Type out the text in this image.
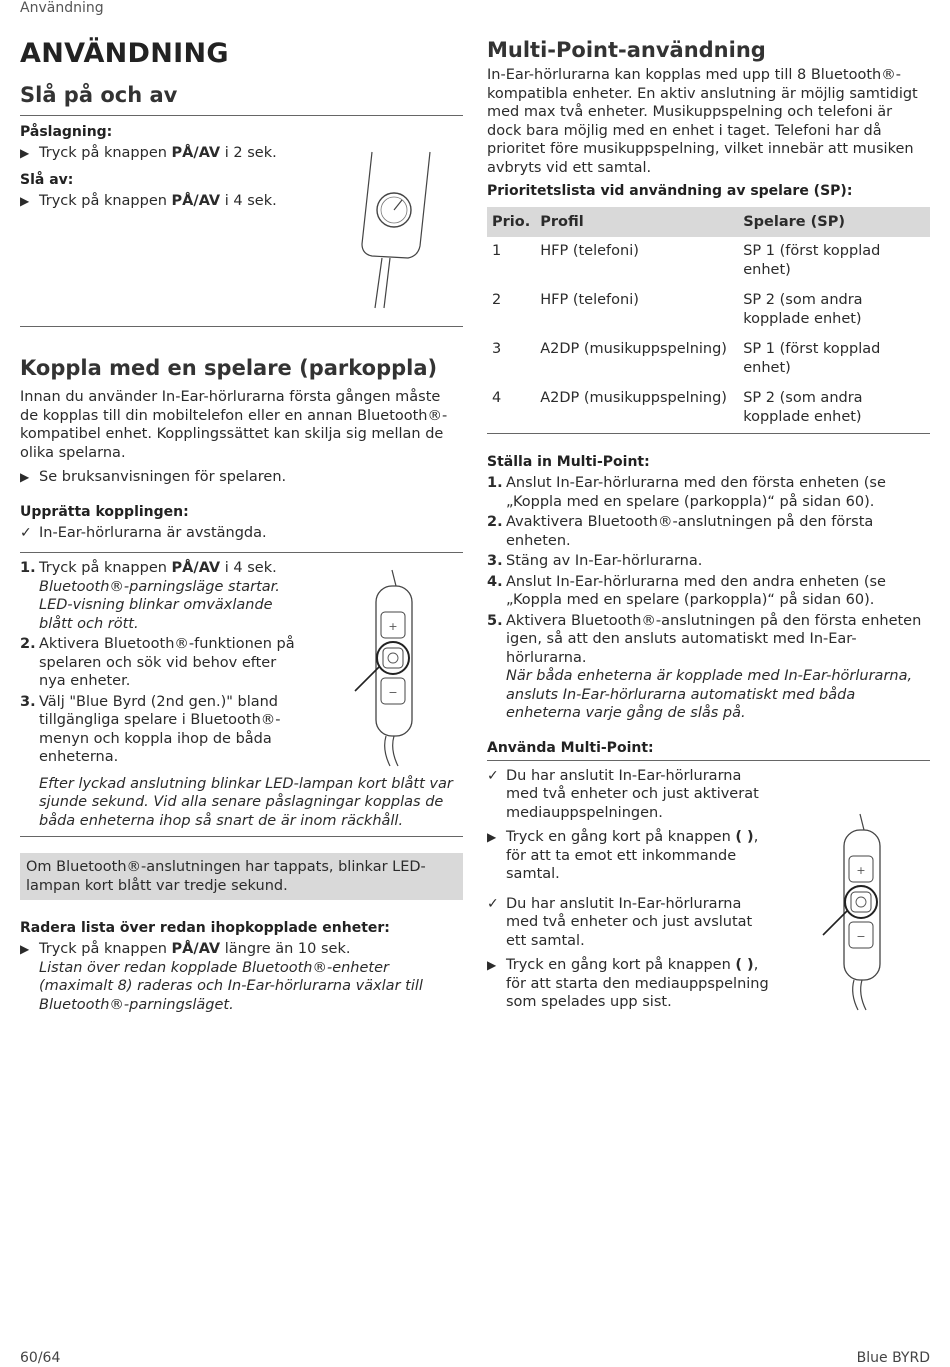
Användning
ANVÄNDNING
Slå på och av
Påslagning:
▶ Tryck på knappen PÅ/AV i 2 sek.
Slå av:
▶ Tryck på knappen PÅ/AV i 4 sek.
Koppla med en spelare (parkoppla)

Innan du använder In-Ear-hörlurarna första gången måste de kopplas till din mobiltelefon eller en annan Bluetooth®-kompatibel enhet. Kopplingssättet kan skilja sig mellan de olika spelarna.

▶ Se bruksanvisningen för spelaren.
Upprätta kopplingen:
✓ In-Ear-hörlurarna är avstängda.
1. Tryck på knappen PÅ/AV i 4 sek.
Bluetooth®-parningsläge startar. LED-visning blinkar omväxlande blått och rött.
2. Aktivera Bluetooth®-funktionen på spelaren och sök vid behov efter nya enheter.
3. Välj "Blue Byrd (2nd gen.)" bland tillgängliga spelare i Bluetooth®-menyn och koppla ihop de båda enheterna.

Efter lyckad anslutning blinkar LED-lampan kort blått var sjunde sekund. Vid alla senare påslagningar kopplas de båda enheterna ihop så snart de är inom räckhåll.

Om Bluetooth®-anslutningen har tappats, blinkar LED-lampan kort blått var tredje sekund.
Radera lista över redan ihopkopplade enheter:
▶ Tryck på knappen PÅ/AV längre än 10 sek.
Listan över redan kopplade Bluetooth®-enheter (maximalt 8) raderas och In-Ear-hörlurarna växlar till Bluetooth®-parningsläget.
+
−
Multi-Point-användning

In-Ear-hörlurarna kan kopplas med upp till 8 Bluetooth®-kompatibla enheter. En aktiv anslutning är möjlig samtidigt med max två enheter. Musikuppspelning och telefoni är dock bara möjlig med en enhet i taget. Telefoni har då prioritet före musikuppspelning, vilket innebär att musiken avbryts vid ett samtal.

Prioritetslista vid användning av spelare (SP):
Prio.	Profil	Spelare (SP)
1	HFP (telefoni)	SP 1 (först kopplad enhet)
2	HFP (telefoni)	SP 2 (som andra kopplade enhet)
3	A2DP (musikuppspelning)	SP 1 (först kopplad enhet)
4	A2DP (musikuppspelning)	SP 2 (som andra kopplade enhet)
Ställa in Multi-Point:
1. Anslut In-Ear-hörlurarna med den första enheten (se „Koppla med en spelare (parkoppla)“ på sidan 60).
2. Avaktivera Bluetooth®-anslutningen på den första enheten.
3. Stäng av In-Ear-hörlurarna.
4. Anslut In-Ear-hörlurarna med den andra enheten (se „Koppla med en spelare (parkoppla)“ på sidan 60).
5. Aktivera Bluetooth®-anslutningen på den första enheten igen, så att den ansluts automatiskt med In-Ear-hörlurarna.
När båda enheterna är kopplade med In-Ear-hörlurarna, ansluts In-Ear-hörlurarna automatiskt med båda enheterna varje gång de slås på.
Använda Multi-Point:
✓ Du har anslutit In-Ear-hörlurarna med två enheter och just aktiverat mediauppspelningen.
▶ Tryck en gång kort på knappen ( ), för att ta emot ett inkommande samtal.
✓ Du har anslutit In-Ear-hörlurarna med två enheter och just avslutat ett samtal.
▶ Tryck en gång kort på knappen ( ), för att starta den mediauppspelning som spelades upp sist.
+
−
60/64	Blue BYRD
